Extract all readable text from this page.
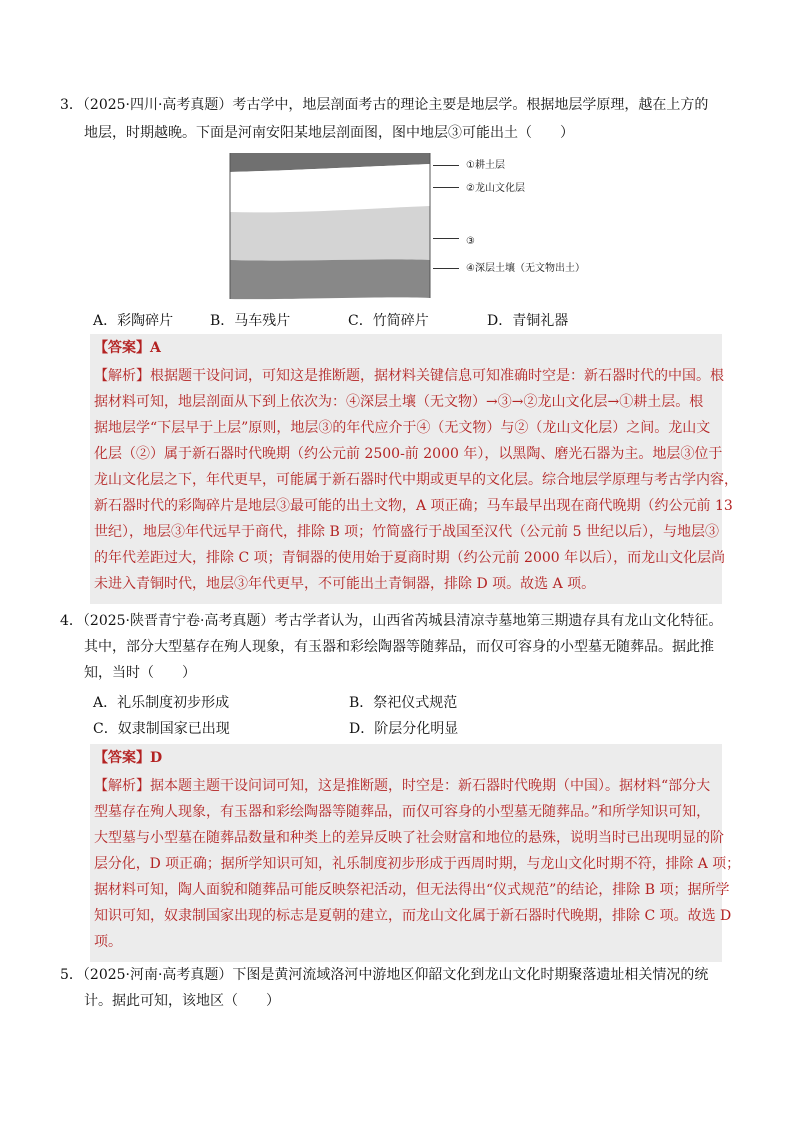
3．（2025·四川·高考真题）考古学中，地层剖面考古的理论主要是地层学。根据地层学原理，越在上方的
地层，时期越晚。下面是河南安阳某地层剖面图，图中地层③可能出土（　　）
①耕土层
②龙山文化层
③
④深层土壤（无文物出土）
A．彩陶碎片	B．马车残片	C．竹简碎片	D．青铜礼器
【答案】A
【解析】根据题干设问词，可知这是推断题，据材料关键信息可知准确时空是：新石器时代的中国。根
据材料可知，地层剖面从下到上依次为：④深层土壤（无文物）→③→②龙山文化层→①耕土层。根
据地层学“下层早于上层”原则，地层③的年代应介于④（无文物）与②（龙山文化层）之间。龙山文
化层（②）属于新石器时代晚期（约公元前 2500-前 2000 年），以黑陶、磨光石器为主。地层③位于
龙山文化层之下，年代更早，可能属于新石器时代中期或更早的文化层。综合地层学原理与考古学内容，
新石器时代的彩陶碎片是地层③最可能的出土文物，A 项正确；马车最早出现在商代晚期（约公元前 13
世纪），地层③年代远早于商代，排除 B 项；竹简盛行于战国至汉代（公元前 5 世纪以后），与地层③
的年代差距过大，排除 C 项；青铜器的使用始于夏商时期（约公元前 2000 年以后），而龙山文化层尚
未进入青铜时代，地层③年代更早，不可能出土青铜器，排除 D 项。故选 A 项。
4．（2025·陕晋青宁卷·高考真题）考古学者认为，山西省芮城县清凉寺墓地第三期遗存具有龙山文化特征。
其中，部分大型墓存在殉人现象，有玉器和彩绘陶器等随葬品，而仅可容身的小型墓无随葬品。据此推
知，当时（　　）
A．礼乐制度初步形成	B．祭祀仪式规范
C．奴隶制国家已出现	D．阶层分化明显
【答案】D
【解析】据本题主题干设问词可知，这是推断题，时空是：新石器时代晚期（中国）。据材料“部分大
型墓存在殉人现象，有玉器和彩绘陶器等随葬品，而仅可容身的小型墓无随葬品。”和所学知识可知，
大型墓与小型墓在随葬品数量和种类上的差异反映了社会财富和地位的悬殊，说明当时已出现明显的阶
层分化，D 项正确；据所学知识可知，礼乐制度初步形成于西周时期，与龙山文化时期不符，排除 A 项；
据材料可知，陶人面貌和随葬品可能反映祭祀活动，但无法得出“仪式规范”的结论，排除 B 项；据所学
知识可知，奴隶制国家出现的标志是夏朝的建立，而龙山文化属于新石器时代晚期，排除 C 项。故选 D
项。
5．（2025·河南·高考真题）下图是黄河流域洛河中游地区仰韶文化到龙山文化时期聚落遗址相关情况的统
计。据此可知，该地区（　　）
